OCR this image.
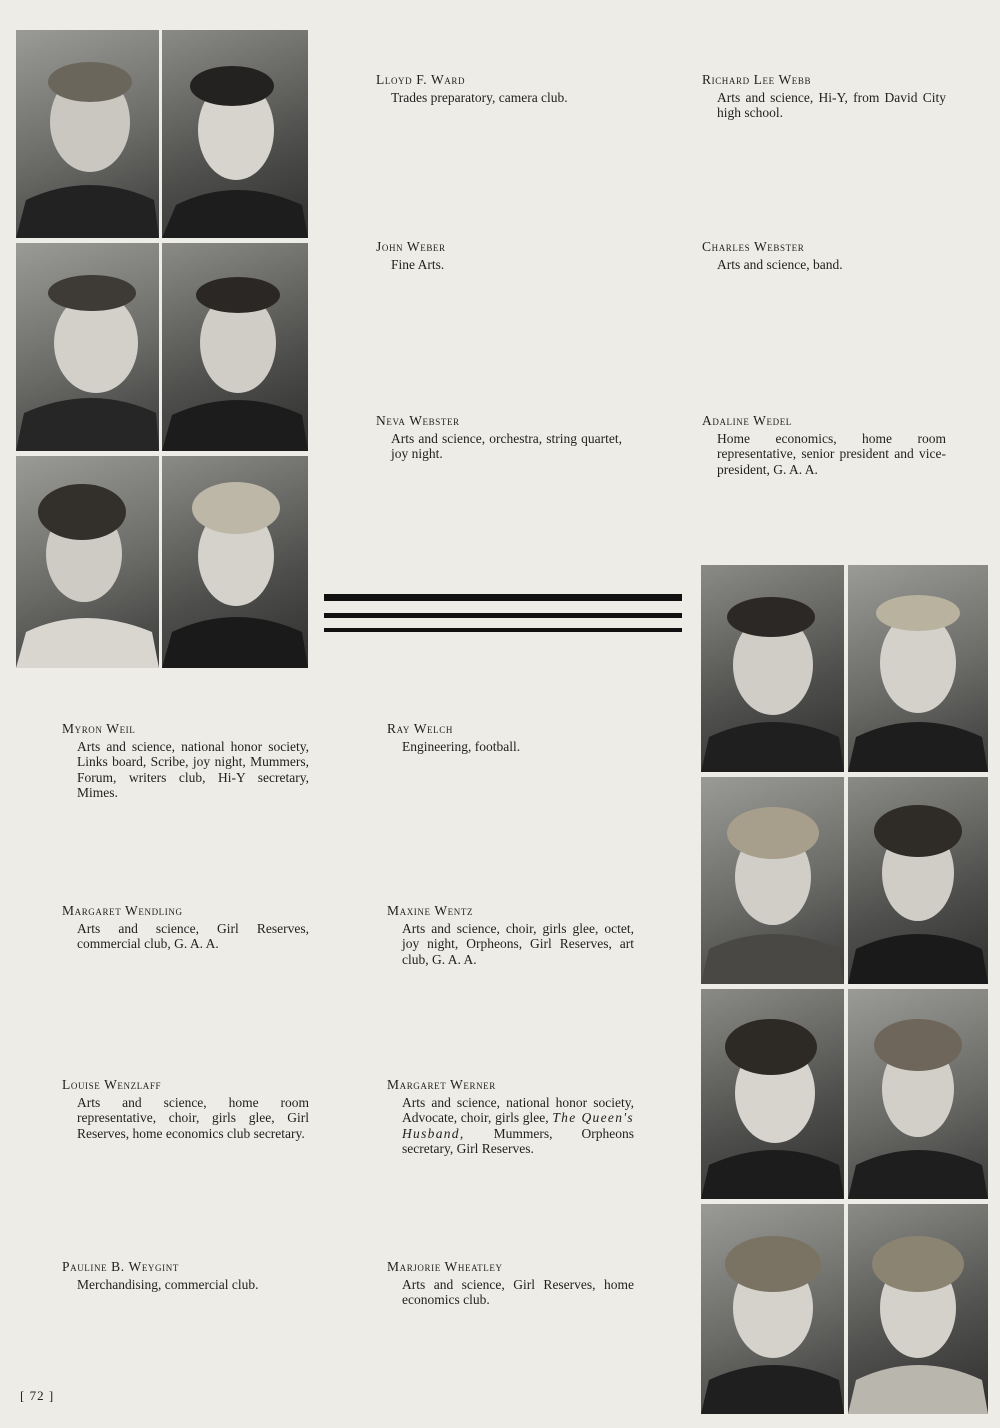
Lloyd F. Ward
Trades preparatory, camera club.
Richard Lee Webb
Arts and science, Hi-Y, from David City high school.
John Weber
Fine Arts.
Charles Webster
Arts and science, band.
Neva Webster
Arts and science, orchestra, string quartet, joy night.
Adaline Wedel
Home economics, home room representative, senior president and vice-president, G. A. A.
Myron Weil
Arts and science, national honor society, Links board, Scribe, joy night, Mummers, Forum, writers club, Hi-Y secretary, Mimes.
Margaret Wendling
Arts and science, Girl Reserves, commercial club, G. A. A.
Louise Wenzlaff
Arts and science, home room representative, choir, girls glee, Girl Reserves, home economics club secretary.
Pauline B. Weygint
Merchandising, commercial club.
Ray Welch
Engineering, football.
Maxine Wentz
Arts and science, choir, girls glee, octet, joy night, Orpheons, Girl Reserves, art club, G. A. A.
Margaret Werner
Arts and science, national honor society, Advocate, choir, girls glee, The Queen's Husband, Mummers, Orpheons secretary, Girl Reserves.
Marjorie Wheatley
Arts and science, Girl Reserves, home economics club.
[ 72 ]
